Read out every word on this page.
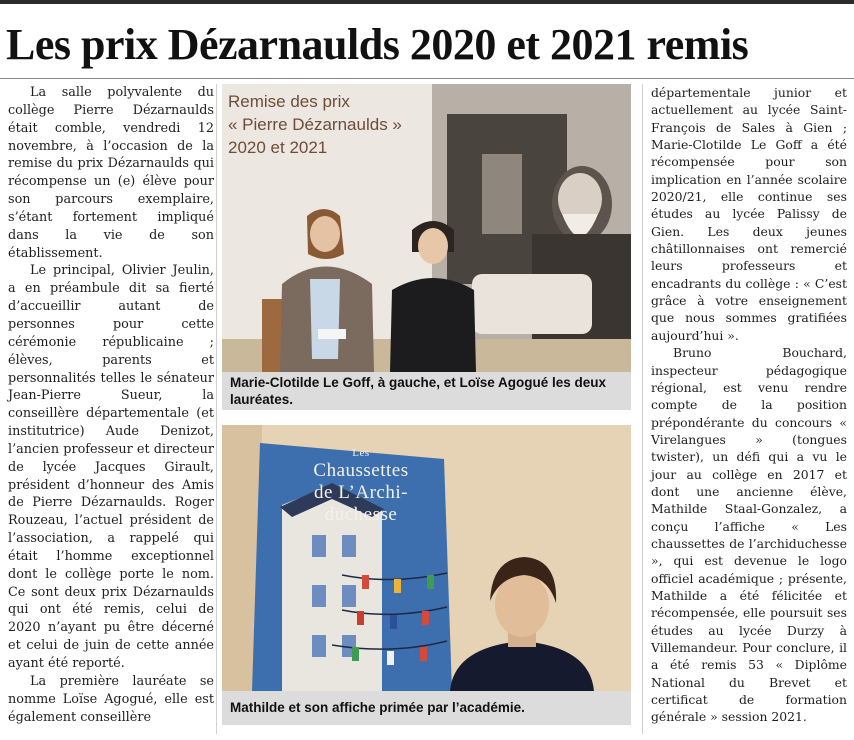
Les prix Dézarnaulds 2020 et 2021 remis

La salle polyvalente du collège Pierre Dézarnaulds était comble, vendredi 12 novembre, à l’occasion de la remise du prix Dézarnaulds qui récompense un (e) élève pour son parcours exemplaire, s’étant fortement impliqué dans la vie de son établissement.

Le principal, Olivier Jeulin, a en préambule dit sa fierté d’accueillir autant de personnes pour cette cérémonie républicaine ; élèves, parents et personnalités telles le sénateur Jean-Pierre Sueur, la conseillère départementale (et institutrice) Aude Denizot, l’ancien professeur et directeur de lycée Jacques Girault, président d’honneur des Amis de Pierre Dézarnaulds. Roger Rouzeau, l’actuel président de l’association, a rappelé qui était l’homme exceptionnel dont le collège porte le nom. Ce sont deux prix Dézarnaulds qui ont été remis, celui de 2020 n’ayant pu être décerné et celui de juin de cette année ayant été reporté.

La première lauréate se nomme Loïse Agogué, elle est également conseillère

départementale junior et actuellement au lycée Saint-François de Sales à Gien ; Marie-Clotilde Le Goff a été récompensée pour son implication en l’année scolaire 2020/21, elle continue ses études au lycée Palissy de Gien. Les deux jeunes châtillonnaises ont remercié leurs professeurs et encadrants du collège : « C’est grâce à votre enseignement que nous sommes gratifiées aujourd’hui ».

Bruno Bouchard, inspecteur pédagogique régional, est venu rendre compte de la position prépondérante du concours « Virelangues » (tongues twister), un défi qui a vu le jour au collège en 2017 et dont une ancienne élève, Mathilde Staal-Gonzalez, a conçu l’affiche « Les chaussettes de l’archiduchesse », qui est devenue le logo officiel académique ; présente, Mathilde a été félicitée et récompensée, elle poursuit ses études au lycée Durzy à Villemandeur. Pour conclure, il a été remis 53 « Diplôme National du Brevet et certificat de formation générale » session 2021.

Remise des prix
« Pierre Dézarnaulds »
2020 et 2021
Marie-Clotilde Le Goff, à gauche, et Loïse Agogué les deux lauréates.
Les
Chaussettes
de L’Archi-
duchesse
Mathilde et son affiche primée par l’académie.
